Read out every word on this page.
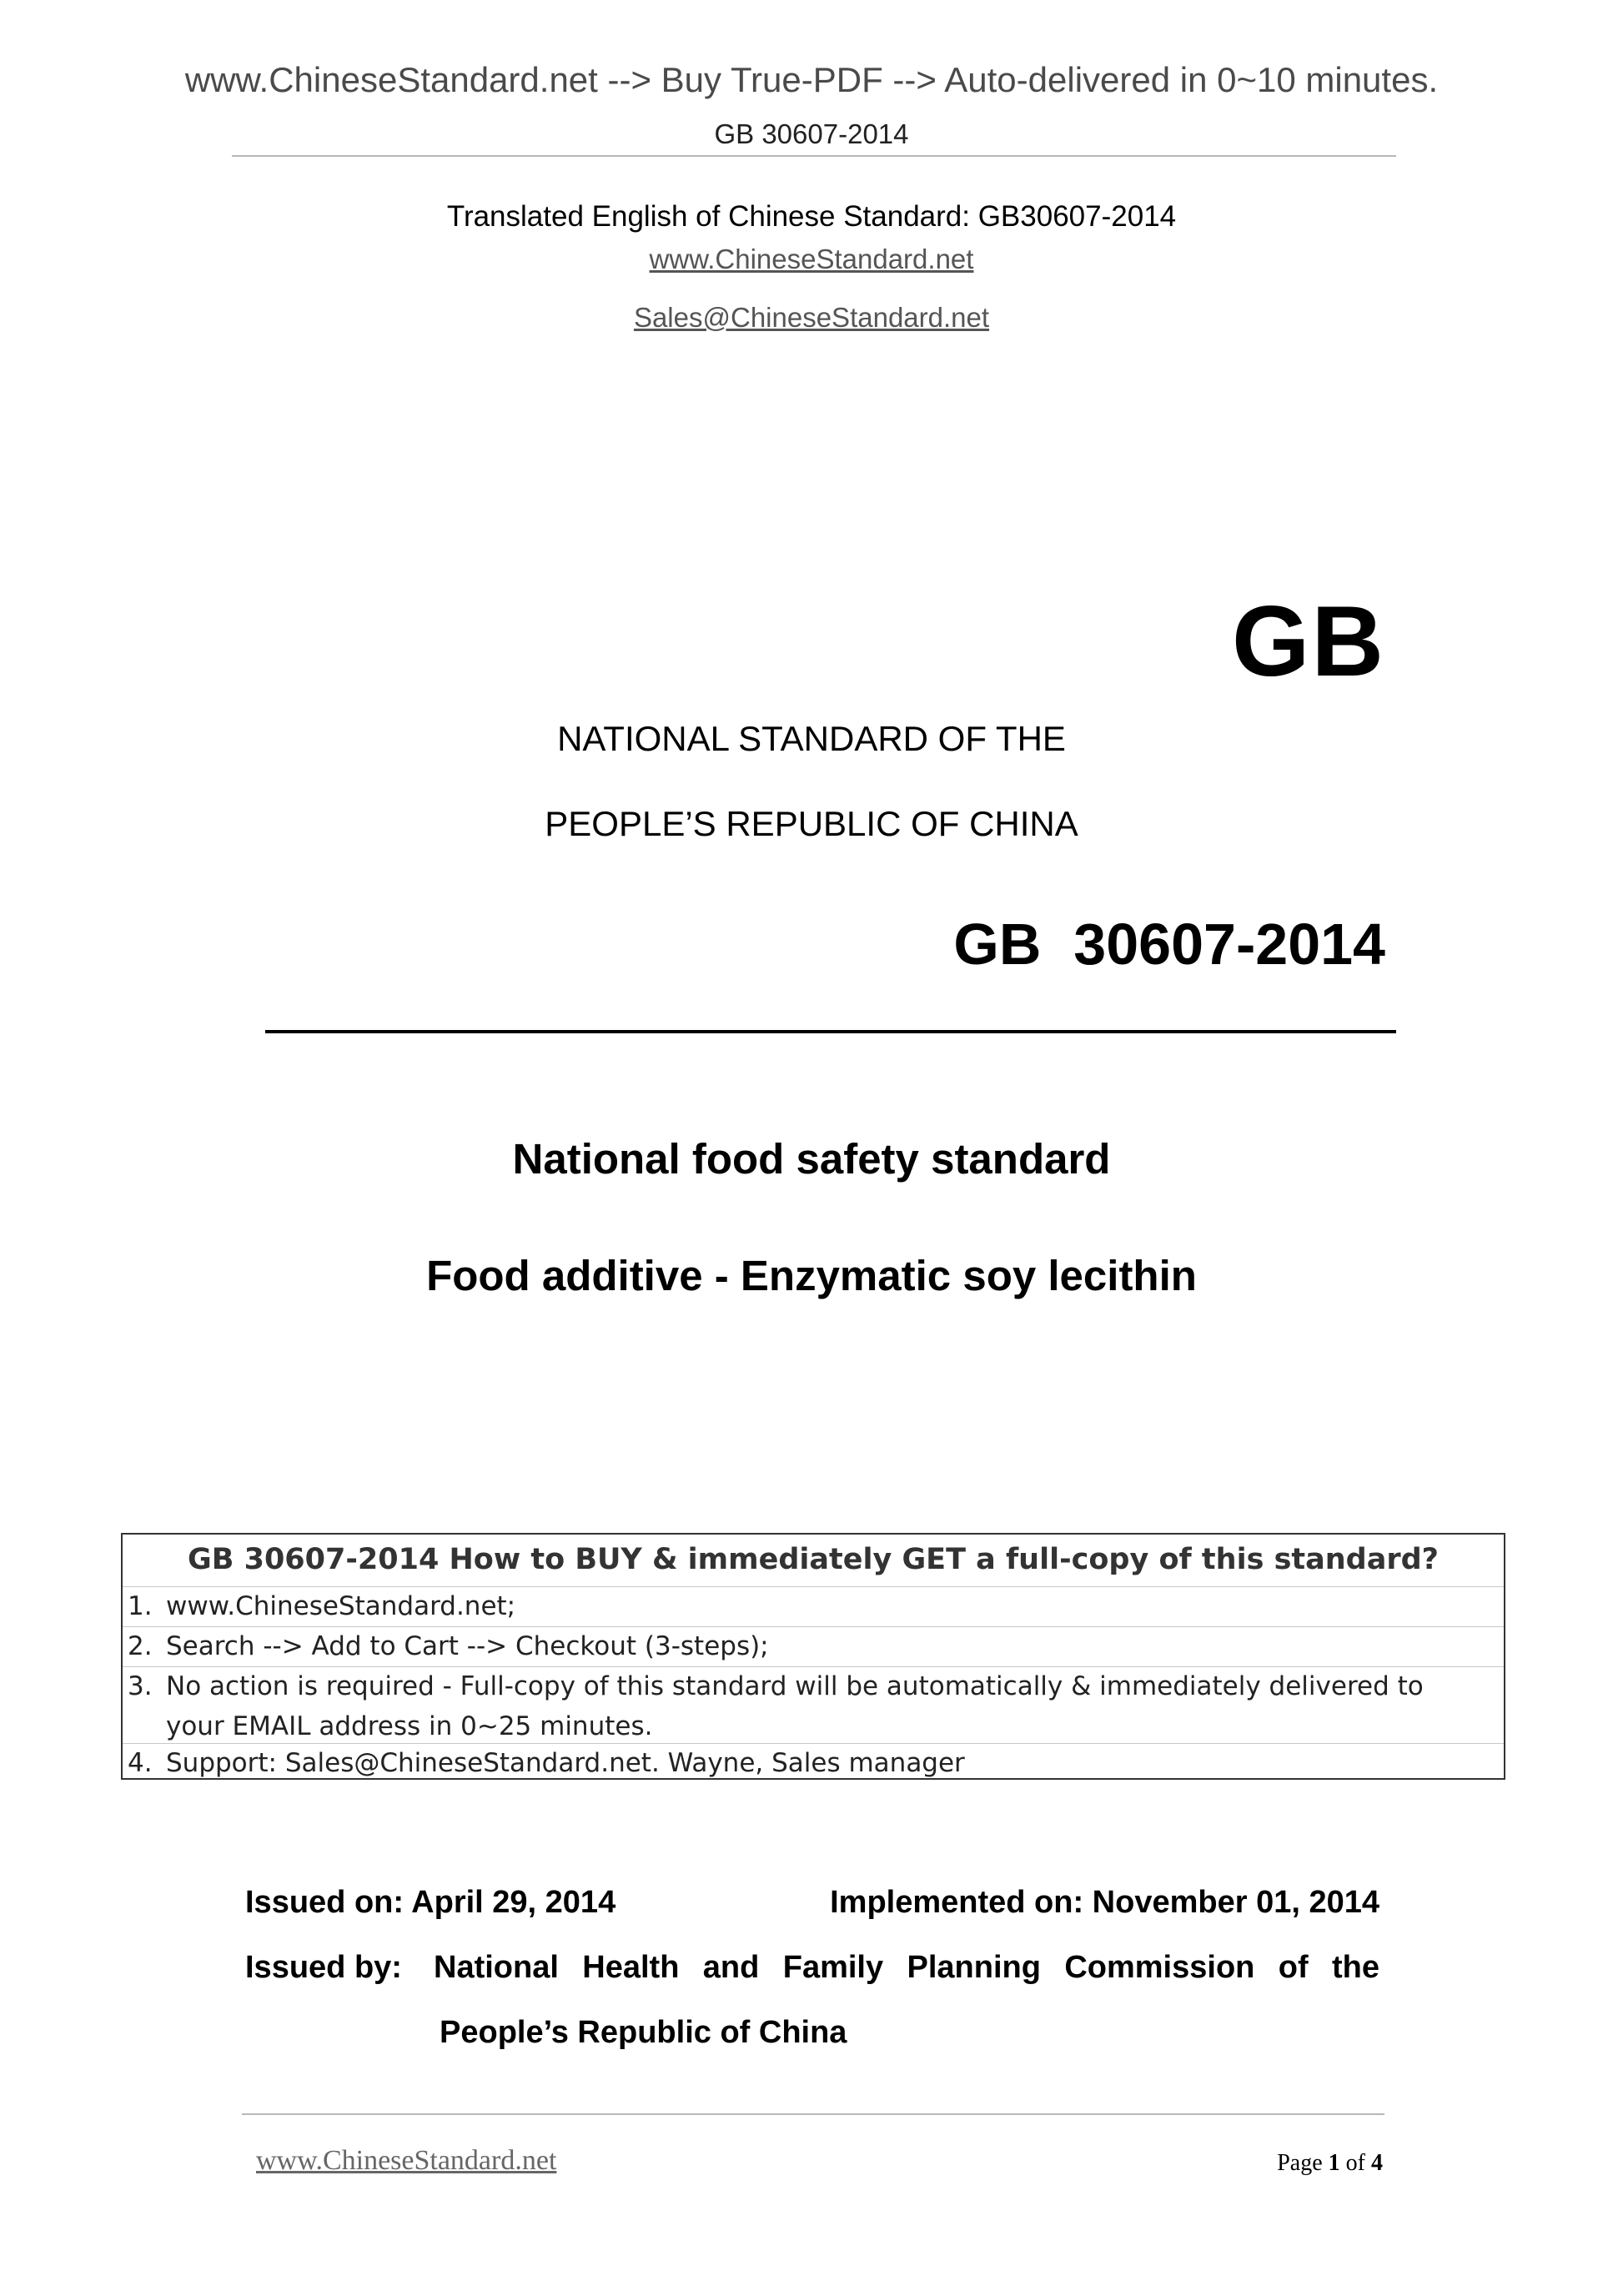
www.ChineseStandard.net --> Buy True-PDF --> Auto-delivered in 0~10 minutes.
GB 30607-2014
Translated English of Chinese Standard: GB30607-2014
www.ChineseStandard.net
Sales@ChineseStandard.net
GB
NATIONAL STANDARD OF THE
PEOPLE’S REPUBLIC OF CHINA
GB  30607-2014
National food safety standard
Food additive - Enzymatic soy lecithin
GB 30607-2014 How to BUY & immediately GET a full-copy of this standard?
1. www.ChineseStandard.net;
2. Search --> Add to Cart --> Checkout (3-steps);
3. No action is required - Full-copy of this standard will be automatically & immediately delivered to
your EMAIL address in 0~25 minutes.
4. Support: Sales@ChineseStandard.net. Wayne, Sales manager
Issued on: April 29, 2014	Implemented on: November 01, 2014
Issued by: National Health and Family Planning Commission of the
People’s Republic of China
www.ChineseStandard.net	Page 1 of 4
